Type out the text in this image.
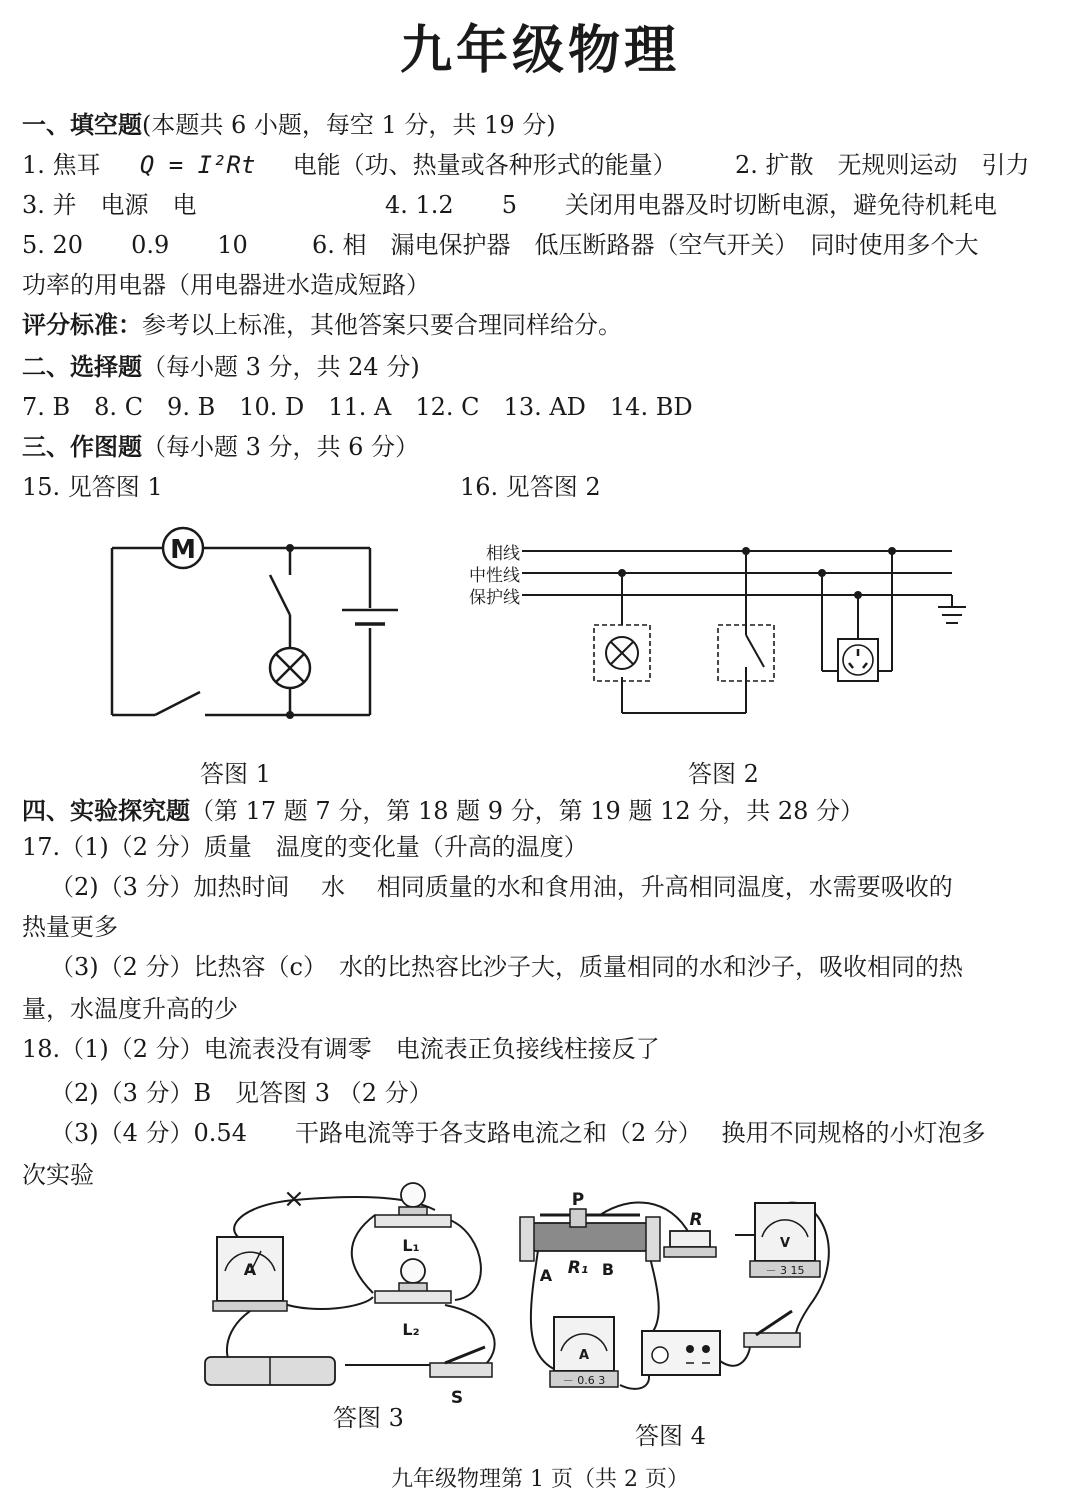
九年级物理
一、填空题(本题共 6 小题，每空 1 分，共 19 分)
1. 焦耳 Q = I²Rt 电能（功、热量或各种形式的能量） 2. 扩散　无规则运动　引力
3. 并　电源　电	4. 1.2　　5　　关闭用电器及时切断电源，避免待机耗电
5. 20　　0.9　　10	6. 相　漏电保护器　低压断路器（空气开关）　同时使用多个大
功率的用电器（用电器进水造成短路）
评分标准：参考以上标准，其他答案只要合理同样给分。
二、选择题（每小题 3 分，共 24 分)
7. B　8. C　9. B　10. D　11. A　12. C　13. AD　14. BD
三、作图题（每小题 3 分，共 6 分）
15. 见答图 1	16. 见答图 2
M
答图 1
相线
中性线
保护线
答图 2
四、实验探究题（第 17 题 7 分，第 18 题 9 分，第 19 题 12 分，共 28 分）
17.（1)（2 分）质量　温度的变化量（升高的温度）
（2)（3 分）加热时间　 水　 相同质量的水和食用油，升高相同温度，水需要吸收的
热量更多
（3)（2 分）比热容（c）　水的比热容比沙子大，质量相同的水和沙子，吸收相同的热
量，水温度升高的少
18.（1)（2 分）电流表没有调零　电流表正负接线柱接反了
（2)（3 分）B　见答图 3 （2 分）
（3)（4 分）0.54　　干路电流等于各支路电流之和（2 分）　 换用不同规格的小灯泡多
次实验
×
A
L₁
L₂
S
答图 3
P
R₁
A	B
R
V
－ 3 15
A
－ 0.6 3
答图 4
九年级物理第 1 页（共 2 页）
